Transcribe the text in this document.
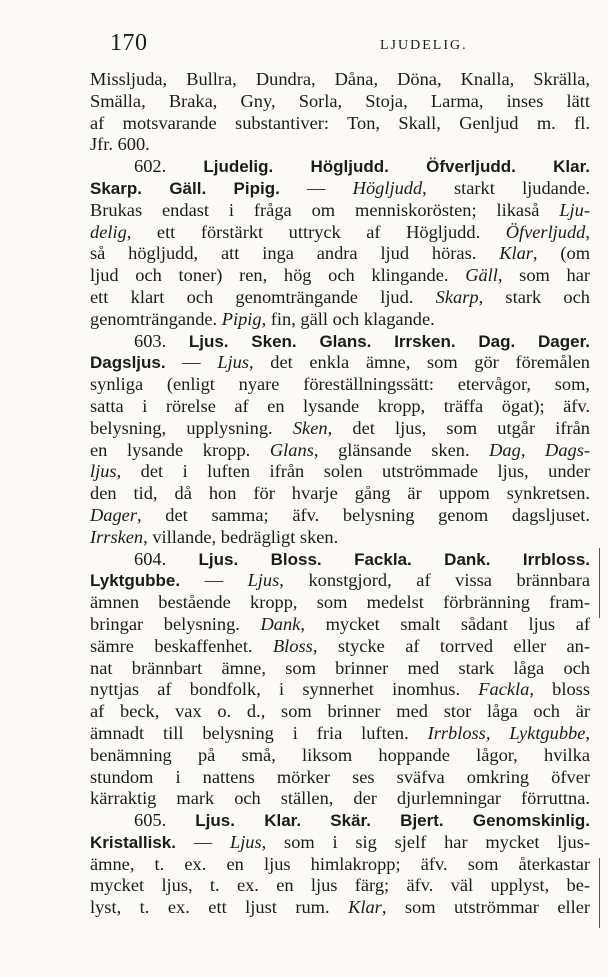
170	LJUDELIG.
Missljuda, Bullra, Dundra, Dåna, Döna, Knalla, Skrälla,
Smälla, Braka, Gny, Sorla, Stoja, Larma, inses lätt
af motsvarande substantiver: Ton, Skall, Genljud m. fl.
Jfr. 600.
602. Ljudelig. Högljudd. Öfverljudd. Klar.
Skarp. Gäll. Pipig. — Högljudd, starkt ljudande.
Brukas endast i fråga om menniskorösten; likaså Lju-
delig, ett förstärkt uttryck af Högljudd. Öfverljudd,
så högljudd, att inga andra ljud höras. Klar, (om
ljud och toner) ren, hög och klingande. Gäll, som har
ett klart och genomträngande ljud. Skarp, stark och
genomträngande. Pipig, fin, gäll och klagande.
603. Ljus. Sken. Glans. Irrsken. Dag. Dager.
Dagsljus. — Ljus, det enkla ämne, som gör föremålen
synliga (enligt nyare föreställningssätt: etervågor, som,
satta i rörelse af en lysande kropp, träffa ögat); äfv.
belysning, upplysning. Sken, det ljus, som utgår ifrån
en lysande kropp. Glans, glänsande sken. Dag, Dags-
ljus, det i luften ifrån solen utströmmade ljus, under
den tid, då hon för hvarje gång är uppom synkretsen.
Dager, det samma; äfv. belysning genom dagsljuset.
Irrsken, villande, bedrägligt sken.
604. Ljus. Bloss. Fackla. Dank. Irrbloss.
Lyktgubbe. — Ljus, konstgjord, af vissa brännbara
ämnen bestående kropp, som medelst förbränning fram-
bringar belysning. Dank, mycket smalt sådant ljus af
sämre beskaffenhet. Bloss, stycke af torrved eller an-
nat brännbart ämne, som brinner med stark låga och
nyttjas af bondfolk, i synnerhet inomhus. Fackla, bloss
af beck, vax o. d., som brinner med stor låga och är
ämnadt till belysning i fria luften. Irrbloss, Lyktgubbe,
benämning på små, liksom hoppande lågor, hvilka
stundom i nattens mörker ses sväfva omkring öfver
kärraktig mark och ställen, der djurlemningar förruttna.
605. Ljus. Klar. Skär. Bjert. Genomskinlig.
Kristallisk. — Ljus, som i sig sjelf har mycket ljus-
ämne, t. ex. en ljus himlakropp; äfv. som återkastar
mycket ljus, t. ex. en ljus färg; äfv. väl upplyst, be-
lyst, t. ex. ett ljust rum. Klar, som utströmmar eller
